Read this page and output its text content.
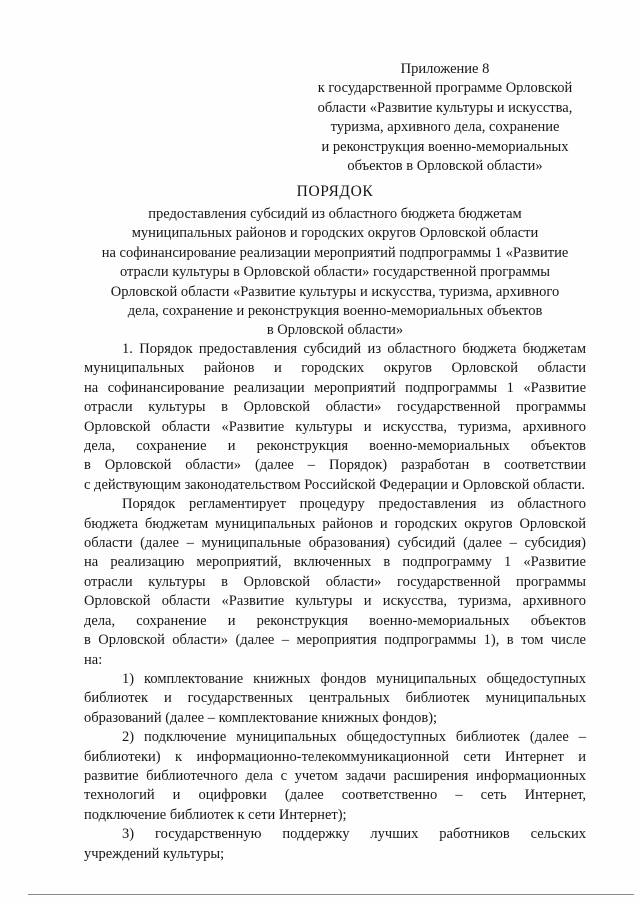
Приложение 8
к государственной программе Орловской
области «Развитие культуры и искусства,
туризма, архивного дела, сохранение
и реконструкция военно-мемориальных
объектов в Орловской области»
ПОРЯДОК
предоставления субсидий из областного бюджета бюджетам
муниципальных районов и городских округов Орловской области
на софинансирование реализации мероприятий подпрограммы 1 «Развитие
отрасли культуры в Орловской области» государственной программы
Орловской области «Развитие культуры и искусства, туризма, архивного
дела, сохранение и реконструкция военно-мемориальных объектов
в Орловской области»
1. Порядок предоставления субсидий из областного бюджета бюджетам
муниципальных районов и городских округов Орловской области
на софинансирование реализации мероприятий подпрограммы 1 «Развитие
отрасли культуры в Орловской области» государственной программы
Орловской области «Развитие культуры и искусства, туризма, архивного
дела, сохранение и реконструкция военно-мемориальных объектов
в Орловской области» (далее – Порядок) разработан в соответствии
с действующим законодательством Российской Федерации и Орловской области.
Порядок регламентирует процедуру предоставления из областного
бюджета бюджетам муниципальных районов и городских округов Орловской
области (далее – муниципальные образования) субсидий (далее – субсидия)
на реализацию мероприятий, включенных в подпрограмму 1 «Развитие
отрасли культуры в Орловской области» государственной программы
Орловской области «Развитие культуры и искусства, туризма, архивного
дела, сохранение и реконструкция военно-мемориальных объектов
в Орловской области» (далее – мероприятия подпрограммы 1), в том числе
на:
1) комплектование книжных фондов муниципальных общедоступных
библиотек и государственных центральных библиотек муниципальных
образований (далее – комплектование книжных фондов);
2) подключение муниципальных общедоступных библиотек (далее –
библиотеки) к информационно-телекоммуникационной сети Интернет и
развитие библиотечного дела с учетом задачи расширения информационных
технологий и оцифровки (далее соответственно – сеть Интернет,
подключение библиотек к сети Интернет);
3) государственную поддержку лучших работников сельских
учреждений культуры;
